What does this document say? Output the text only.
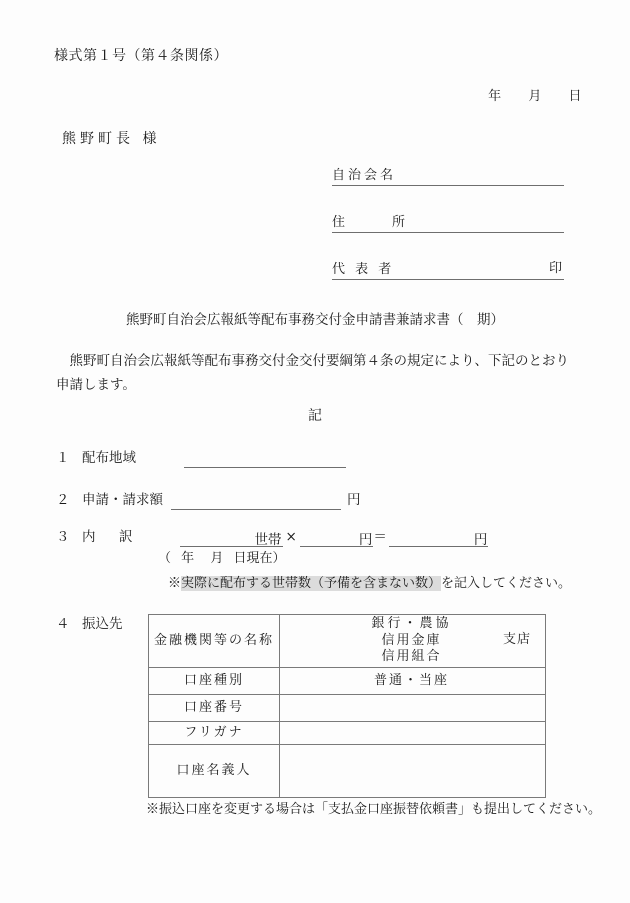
様式第１号（第４条関係）
年 月 日
熊野町長 様
自治会名
住　　所
代 表 者	印
熊野町自治会広報紙等配布事務交付金申請書兼請求書（　期）
熊野町自治会広報紙等配布事務交付金交付要綱第４条の規定により、下記のとおり申請します。
記
１ 配布地域
２ 申請・請求額	円
３ 内　訳	世帯 ×	円 ＝	円
（ 年 月 日現在）
※実際に配布する世帯数（予備を含まない数）を記入してください。
４ 振込先
金融機関等の名称	銀行・農協
信用金庫
信用組合
支店

口座種別	普通・当座
口座番号	
フリガナ	
口座名義人	
※振込口座を変更する場合は「支払金口座振替依頼書」も提出してください。
